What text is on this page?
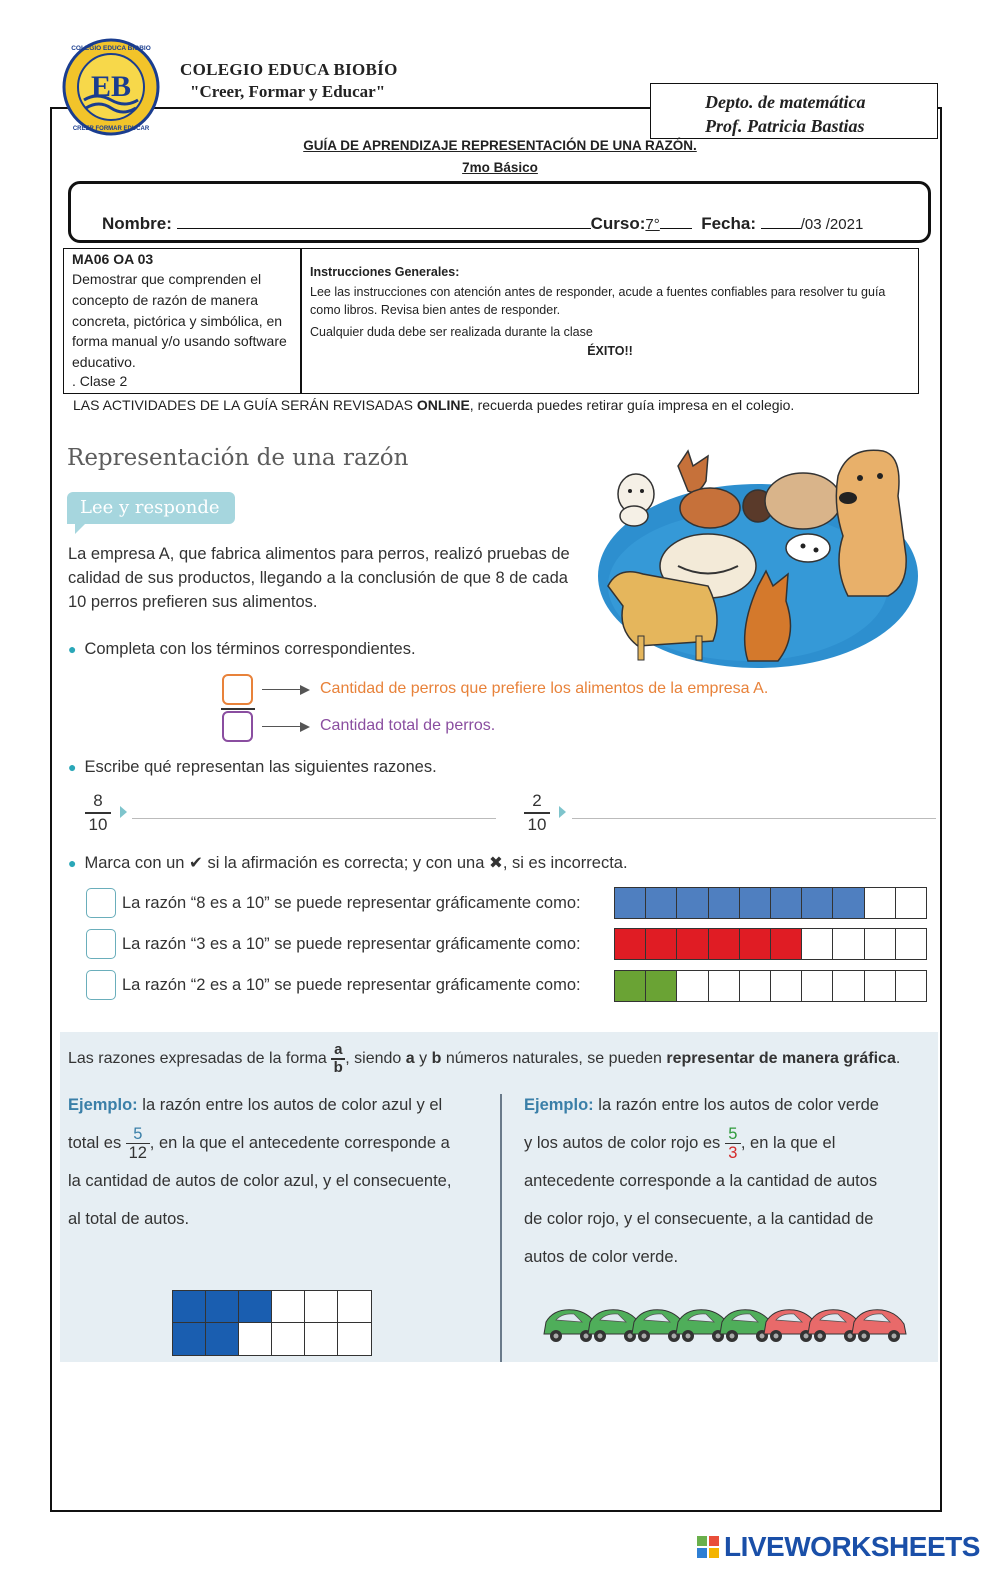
EB
COLEGIO EDUCA BIOBIO
CREER FORMAR EDUCAR
COLEGIO EDUCA BIOBÍO
"Creer, Formar y Educar"
Depto. de matemática
Prof. Patricia Bastias
GUÍA DE APRENDIZAJE REPRESENTACIÓN DE UNA RAZÓN.
7mo Básico
Nombre:	Curso:7° Fecha:	/03 /2021
MA06 OA 03
Demostrar que comprenden el concepto de razón de manera concreta, pictórica y simbólica, en forma manual y/o usando software educativo.
. Clase 2
Instrucciones Generales:
Lee las instrucciones con atención antes de responder, acude a fuentes confiables para resolver tu guía como libros. Revisa bien antes de responder.
Cualquier duda debe ser realizada durante la clase
ÉXITO!!
LAS ACTIVIDADES DE LA GUÍA SERÁN REVISADAS ONLINE, recuerda puedes retirar guía impresa en el colegio.
Representación de una razón
Lee y responde
La empresa A, que fabrica alimentos para perros, realizó pruebas de calidad de sus productos, llegando a la conclusión de que 8 de cada 10 perros prefieren sus alimentos.
● Completa con los términos correspondientes.
Cantidad de perros que prefiere los alimentos de la empresa A.
Cantidad total de perros.
● Escribe qué representan las siguientes razones.
8
10
2
10
● Marca con un ✔ si la afirmación es correcta; y con una ✖, si es incorrecta.
La razón “8 es a 10” se puede representar gráficamente como:
La razón “3 es a 10” se puede representar gráficamente como:
La razón “2 es a 10” se puede representar gráficamente como:
Las razones expresadas de la forma $\frac{a}{b}$ , siendo a y b números naturales, se pueden representar de manera gráfica.
Ejemplo: la razón entre los autos de color azul y el
total es $\frac{5}{12}$ , en la que el antecedente corresponde a
la cantidad de autos de color azul, y el consecuente,
al total de autos.
Ejemplo: la razón entre los autos de color verde
y los autos de color rojo es $\frac{5}{3}$ , en la que el
antecedente corresponde a la cantidad de autos
de color rojo, y el consecuente, a la cantidad de
autos de color verde.
LIVEWORKSHEETS
